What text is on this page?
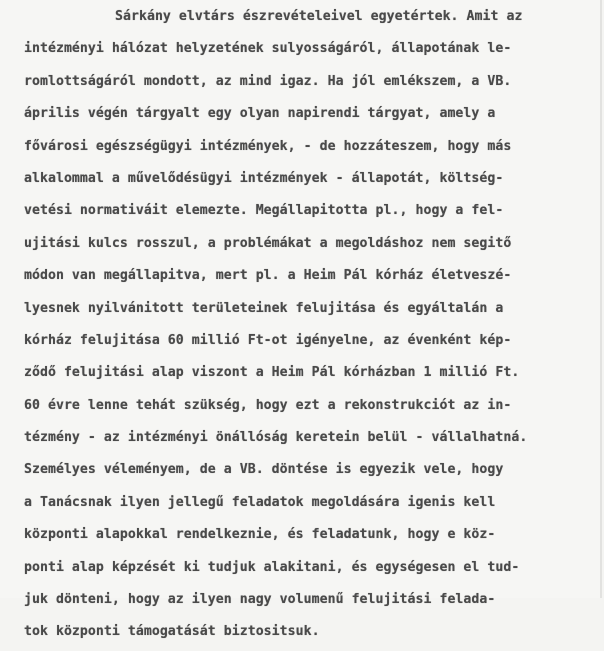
Sárkány elvtárs észrevételeivel egyetértek. Amit az
intézményi hálózat helyzetének sulyosságáról, állapotának le-
romlottságáról mondott, az mind igaz. Ha jól emlékszem, a VB.
április végén tárgyalt egy olyan napirendi tárgyat, amely a
fővárosi egészségügyi intézmények, - de hozzáteszem, hogy más
alkalommal a művelődésügyi intézmények - állapotát, költség-
vetési normativáit elemezte. Megállapitotta pl., hogy a fel-
ujitási kulcs rosszul, a problémákat a megoldáshoz nem segitő
módon van megállapitva, mert pl. a Heim Pál kórház életveszé-
lyesnek nyilvánitott területeinek felujitása és egyáltalán a
kórház felujitása 60 millió Ft-ot igényelne, az évenként kép-
ződő felujitási alap viszont a Heim Pál kórházban 1 millió Ft.
60 évre lenne tehát szükség, hogy ezt a rekonstrukciót az in-
tézmény - az intézményi önállóság keretein belül - vállalhatná.
Személyes véleményem, de a VB. döntése is egyezik vele, hogy
a Tanácsnak ilyen jellegű feladatok megoldására igenis kell
központi alapokkal rendelkeznie, és feladatunk, hogy e köz-
ponti alap képzését ki tudjuk alakitani, és egységesen el tud-
juk dönteni, hogy az ilyen nagy volumenű felujitási felada-
tok központi támogatását biztositsuk.
